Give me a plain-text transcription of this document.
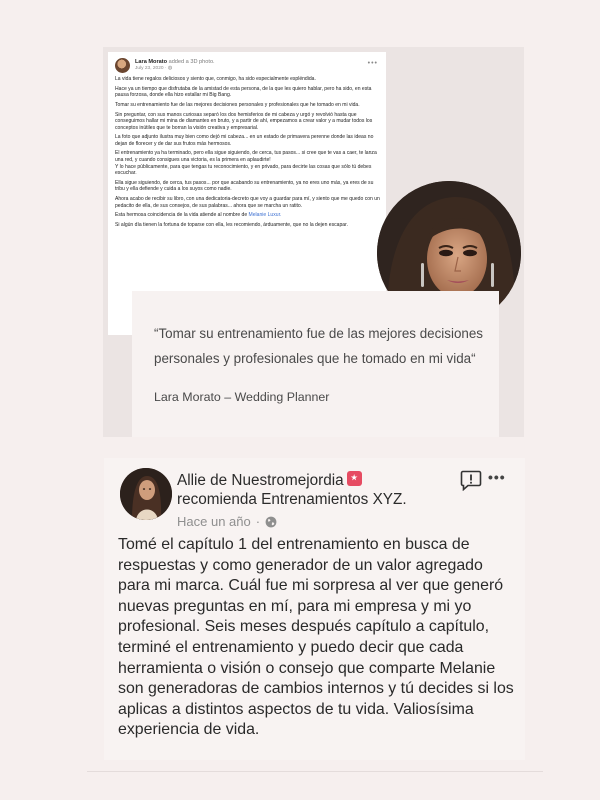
Lara Morato added a 3D photo.
July 23, 2020 · ◍
•••

La vida tiene regalos deliciosos y siento que, conmigo, ha sido especialmente espléndida.

Hace ya un tiempo que disfrutaba de la amistad de esta persona, de la que les quiero hablar, pero ha sido, en esta pausa forzosa, donde ella hizo estallar mi Big Bang.

Tomar su entrenamiento fue de las mejores decisiones personales y profesionales que he tomado en mi vida.

Sin preguntar, con sus manos curiosas separó los dos hemisferios de mi cabeza y urgó y revolvió hasta que conseguimos hallar mi mina de diamantes en bruto, y a partir de ahí, empezamos a crear valor y a mudar todos los conceptos inútiles que te borran la visión creativa y empresarial.

La foto que adjunto ilustra muy bien como dejó mi cabeza... en un estado de primavera perenne donde las ideas no dejan de florecer y de dar sus frutos más hermosos.

El entrenamiento ya ha terminado, pero ella sigue siguiendo, de cerca, tus pasos... si cree que te vas a caer, te lanza una red, y cuando consigues una victoria, es la primera en aplaudirte!
Y lo hace públicamente, para que tengas tu reconocimiento, y en privado, para decirte las cosas que sólo tú debes escuchar.

Ella sigue siguiendo, de cerca, tus pasos... por que acabando su entrenamiento, ya no eres uno más, ya eres de su tribu y ella defiende y cuida a los suyos como nadie.

Ahora acabo de recibir su libro, con una dedicatoria-decreto que voy a guardar para mí, y siento que me quedo con un pedacito de ella, de sus consejos, de sus palabras... ahora que se marcha un ratito.

Esta hermosa coincidencia de la vida atiende al nombre de Melanie Luxur.

Si algún día tienen la fortuna de toparse con ella, les recomiendo, árduamente, que no la dejen escapar.

“Tomar su entrenamiento fue de las mejores decisiones personales y profesionales que he tomado en mi vida“

Lara Morato – Wedding Planner

Allie de Nuestromejordia
recomienda Entrenamientos XYZ.
Hace un año ·
•••

Tomé el capítulo 1 del entrenamiento en busca de respuestas y como generador de un valor agregado para mi marca. Cuál fue mi sorpresa al ver que generó nuevas preguntas en mí, para mi empresa y mi yo profesional. Seis meses después capítulo a capítulo, terminé el entrenamiento y puedo decir que cada herramienta o visión o consejo que comparte Melanie son generadoras de cambios internos y tú decides si los aplicas a distintos aspectos de tu vida. Valiosísima experiencia de vida.
